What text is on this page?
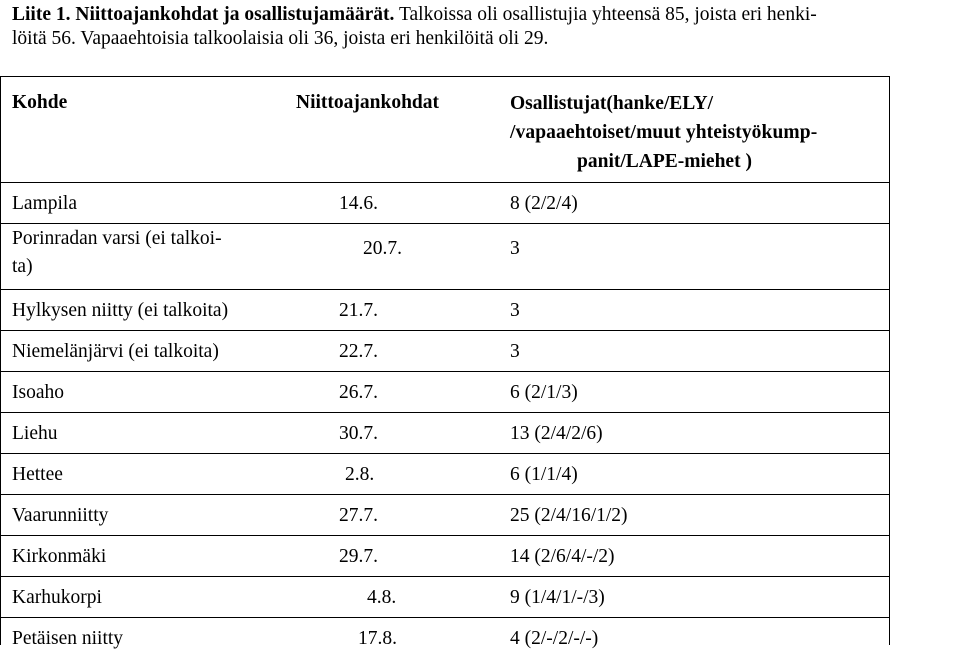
Liite 1. Niittoajankohdat ja osallistujamäärät. Talkoissa oli osallistujia yhteensä 85, joista eri henki-
löitä 56. Vapaaehtoisia talkoolaisia oli 36, joista eri henkilöitä oli 29.
Kohde	Niittoajankohdat	Osallistujat(hanke/ELY/
/vapaaehtoiset/muut yhteistyökump-
panit/LAPE-miehet )
Lampila	14.6.	8 (2/2/4)
Porinradan varsi (ei talkoi-
ta)
20.7.	3
Hylkysen niitty (ei talkoita)	21.7.	3
Niemelänjärvi (ei talkoita)	22.7.	3
Isoaho	26.7.	6 (2/1/3)
Liehu	30.7.	13 (2/4/2/6)
Hettee	2.8.	6 (1/1/4)
Vaarunniitty	27.7.	25 (2/4/16/1/2)
Kirkonmäki	29.7.	14 (2/6/4/-/2)
Karhukorpi	4.8.	9 (1/4/1/-/3)
Petäisen niitty	17.8.	4 (2/-/2/-/-)
